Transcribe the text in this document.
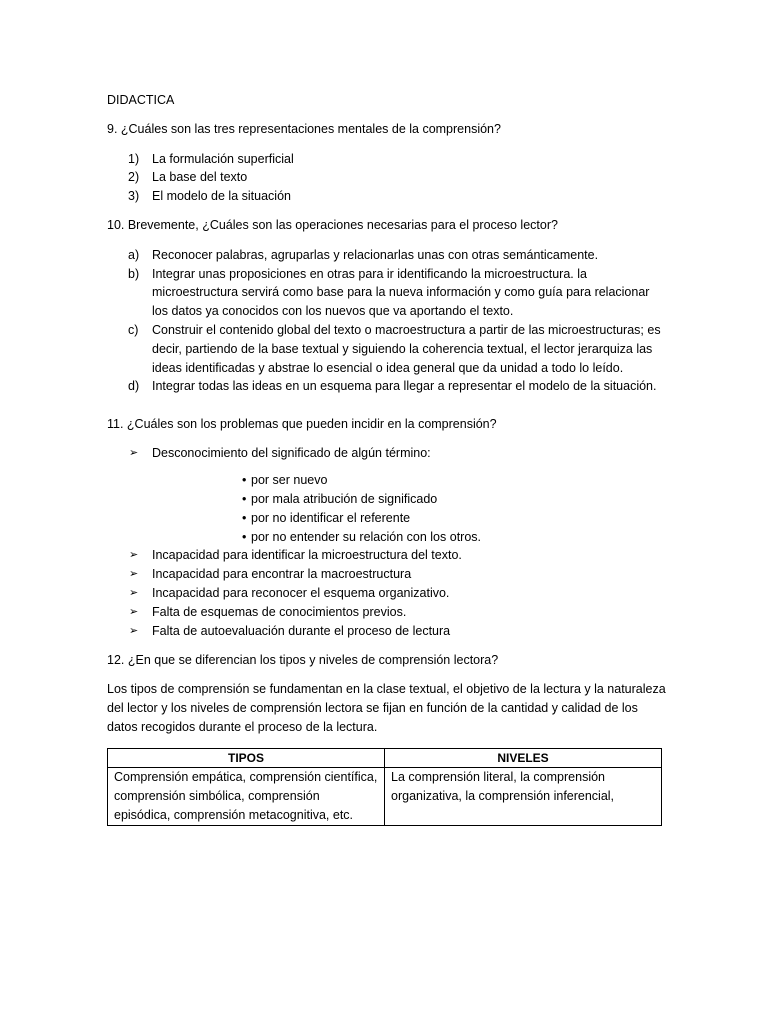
DIDACTICA

9. ¿Cuáles son las tres representaciones mentales de la comprensión?

1) La formulación superficial
2) La base del texto
3) El modelo de la situación

10. Brevemente, ¿Cuáles son las operaciones necesarias para el proceso lector?

a) Reconocer palabras, agruparlas y relacionarlas unas con otras semánticamente.
b) Integrar unas proposiciones en otras para ir identificando la microestructura. la microestructura servirá como base para la nueva información y como guía para relacionar los datos ya conocidos con los nuevos que va aportando el texto.
c) Construir el contenido global del texto o macroestructura a partir de las microestructuras; es decir, partiendo de la base textual y siguiendo la coherencia textual, el lector jerarquiza las ideas identificadas y abstrae lo esencial o idea general que da unidad a todo lo leído.
d) Integrar todas las ideas en un esquema para llegar a representar el modelo de la situación.

11. ¿Cuáles son los problemas que pueden incidir en la comprensión?

➢ Desconocimiento del significado de algún término:
• por ser nuevo
• por mala atribución de significado
• por no identificar el referente
• por no entender su relación con los otros.
➢ Incapacidad para identificar la microestructura del texto.
➢ Incapacidad para encontrar la macroestructura
➢ Incapacidad para reconocer el esquema organizativo.
➢ Falta de esquemas de conocimientos previos.
➢ Falta de autoevaluación durante el proceso de lectura

12. ¿En que se diferencian los tipos y niveles de comprensión lectora?

Los tipos de comprensión se fundamentan en la clase textual, el objetivo de la lectura y la naturaleza del lector y los niveles de comprensión lectora se fijan en función de la cantidad y calidad de los datos recogidos durante el proceso de la lectura.

TIPOS	NIVELES
Comprensión empática, comprensión científica, comprensión simbólica, comprensión episódica, comprensión metacognitiva, etc.	La comprensión literal, la comprensión organizativa, la comprensión inferencial,
